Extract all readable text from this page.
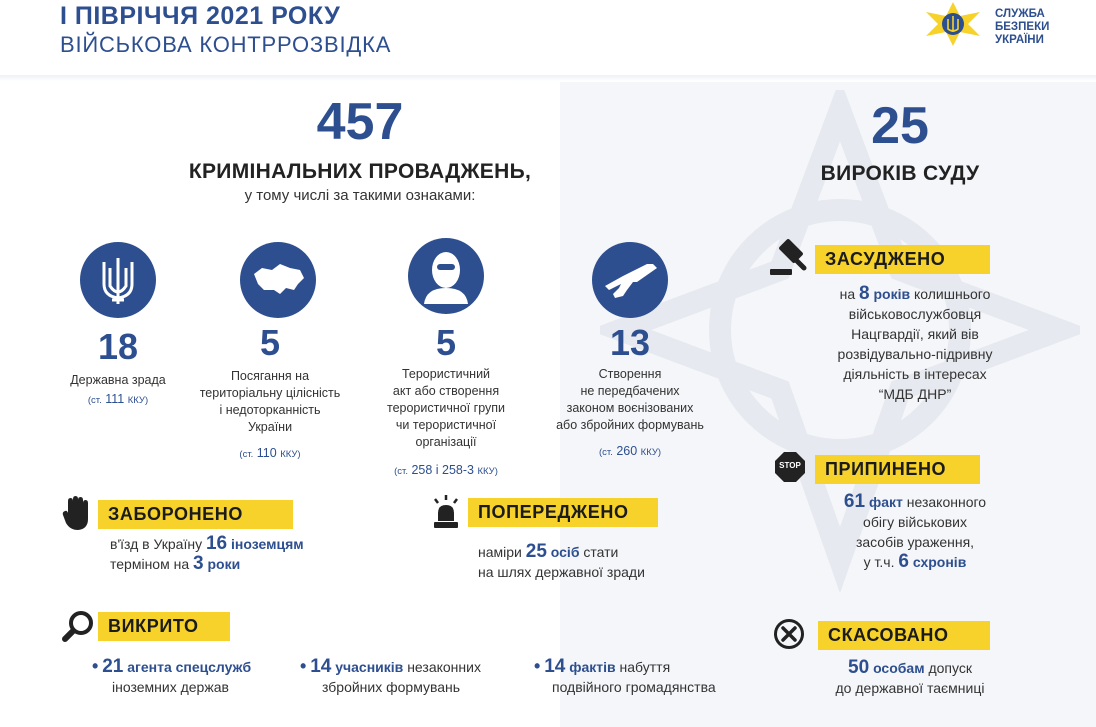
І ПІВРІЧЧЯ 2021 РОКУ
ВІЙСЬКОВА КОНТРРОЗВІДКА
СЛУЖБА
БЕЗПЕКИ
УКРАЇНИ
457
КРИМІНАЛЬНИХ ПРОВАДЖЕНЬ,
у тому числі за такими ознаками:
18
Державна зрада
(ст. 111 ККУ)
5
Посягання на
територіальну цілісність
і недоторканність
України
(ст. 110 ККУ)
5
Терористичний
акт або створення
терористичної групи
чи терористичної
організації
(ст. 258 і 258-3 ККУ)
13
Створення
не передбачених
законом воєнізованих
або збройних формувань
(ст. 260 ККУ)
ЗАБОРОНЕНО
в'їзд в Україну 16 іноземцям
терміном на 3 роки
ПОПЕРЕДЖЕНО
наміри 25 осіб стати
на шлях державної зради
ВИКРИТО
• 21 агента спецслужб
іноземних держав
• 14 учасників незаконних
збройних формувань
• 14 фактів набуття
подвійного громадянства
25
ВИРОКІВ СУДУ
ЗАСУДЖЕНО
на 8 років колишнього
військовослужбовця
Нацгвардії, який вів
розвідувально-підривну
діяльність в інтересах
“МДБ ДНР”
STOP	ПРИПИНЕНО
61 факт незаконного
обігу військових
засобів ураження,
у т.ч. 6 схронів
СКАСОВАНО
50 особам допуск
до державної таємниці
